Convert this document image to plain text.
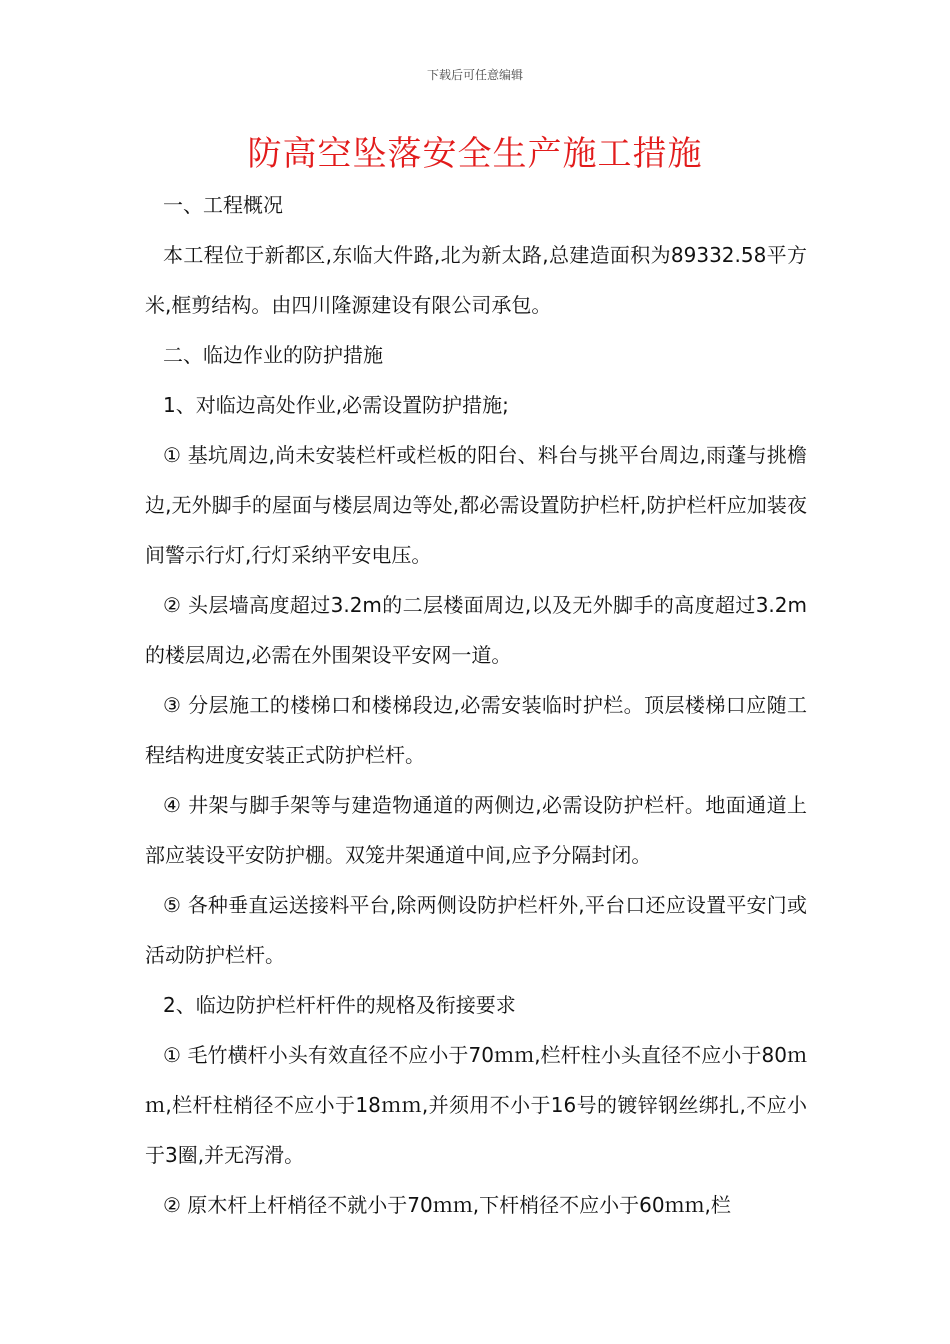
下载后可任意编辑
防高空坠落安全生产施工措施

一、工程概况

本工程位于新都区,东临大件路,北为新太路,总建造面积为89332.58平方米,框剪结构。由四川隆源建设有限公司承包。

二、临边作业的防护措施

1、对临边高处作业,必需设置防护措施;

① 基坑周边,尚未安装栏杆或栏板的阳台、料台与挑平台周边,雨蓬与挑檐边,无外脚手的屋面与楼层周边等处,都必需设置防护栏杆,防护栏杆应加装夜间警示行灯,行灯采纳平安电压。

② 头层墙高度超过3.2m的二层楼面周边,以及无外脚手的高度超过3.2m的楼层周边,必需在外围架设平安网一道。

③ 分层施工的楼梯口和楼梯段边,必需安装临时护栏。顶层楼梯口应随工程结构进度安装正式防护栏杆。

④ 井架与脚手架等与建造物通道的两侧边,必需设防护栏杆。地面通道上部应装设平安防护棚。双笼井架通道中间,应予分隔封闭。

⑤ 各种垂直运送接料平台,除两侧设防护栏杆外,平台口还应设置平安门或活动防护栏杆。

2、临边防护栏杆杆件的规格及衔接要求

① 毛竹横杆小头有效直径不应小于70ｍｍ,栏杆柱小头直径不应小于80ｍｍ,栏杆柱梢径不应小于18ｍｍ,并须用不小于16号的镀锌钢丝绑扎,不应小于3圈,并无泻滑。

② 原木杆上杆梢径不就小于70ｍｍ,下杆梢径不应小于60ｍｍ,栏
